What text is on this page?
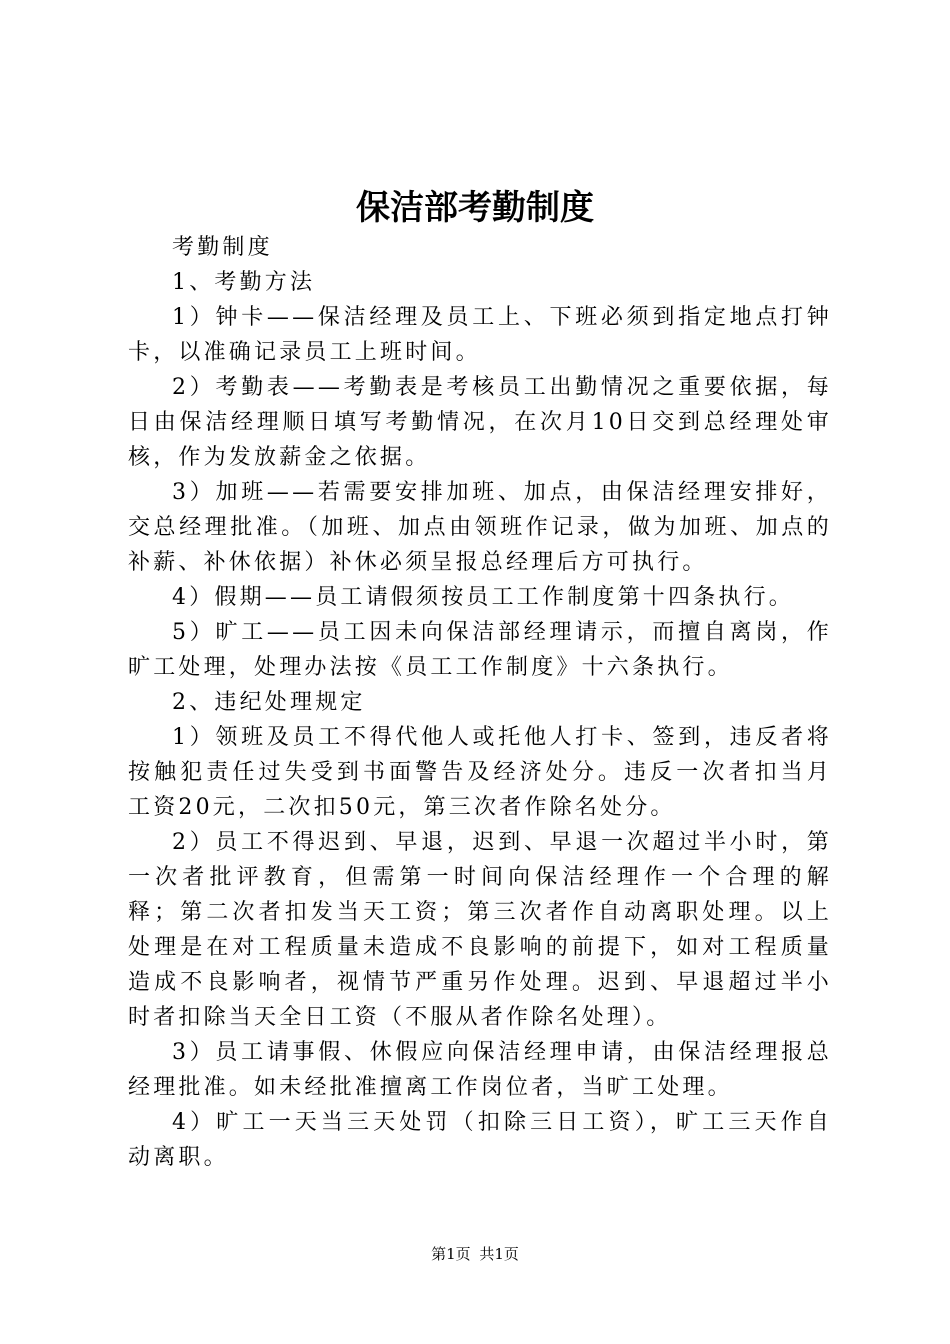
保洁部考勤制度

考勤制度

1、考勤方法

1）钟卡——保洁经理及员工上、下班必须到指定地点打钟卡，以准确记录员工上班时间。

2）考勤表——考勤表是考核员工出勤情况之重要依据，每日由保洁经理顺日填写考勤情况，在次月10日交到总经理处审核，作为发放薪金之依据。

3）加班——若需要安排加班、加点，由保洁经理安排好，交总经理批准。（加班、加点由领班作记录，做为加班、加点的补薪、补休依据）补休必须呈报总经理后方可执行。

4）假期——员工请假须按员工工作制度第十四条执行。

5）旷工——员工因未向保洁部经理请示，而擅自离岗，作旷工处理，处理办法按《员工工作制度》十六条执行。

2、违纪处理规定

1）领班及员工不得代他人或托他人打卡、签到，违反者将按触犯责任过失受到书面警告及经济处分。违反一次者扣当月工资20元，二次扣50元，第三次者作除名处分。

2）员工不得迟到、早退，迟到、早退一次超过半小时，第一次者批评教育，但需第一时间向保洁经理作一个合理的解释；第二次者扣发当天工资；第三次者作自动离职处理。以上处理是在对工程质量未造成不良影响的前提下，如对工程质量造成不良影响者，视情节严重另作处理。迟到、早退超过半小时者扣除当天全日工资（不服从者作除名处理）。

3）员工请事假、休假应向保洁经理申请，由保洁经理报总经理批准。如未经批准擅离工作岗位者，当旷工处理。

4）旷工一天当三天处罚（扣除三日工资），旷工三天作自动离职。

第1页 共1页
